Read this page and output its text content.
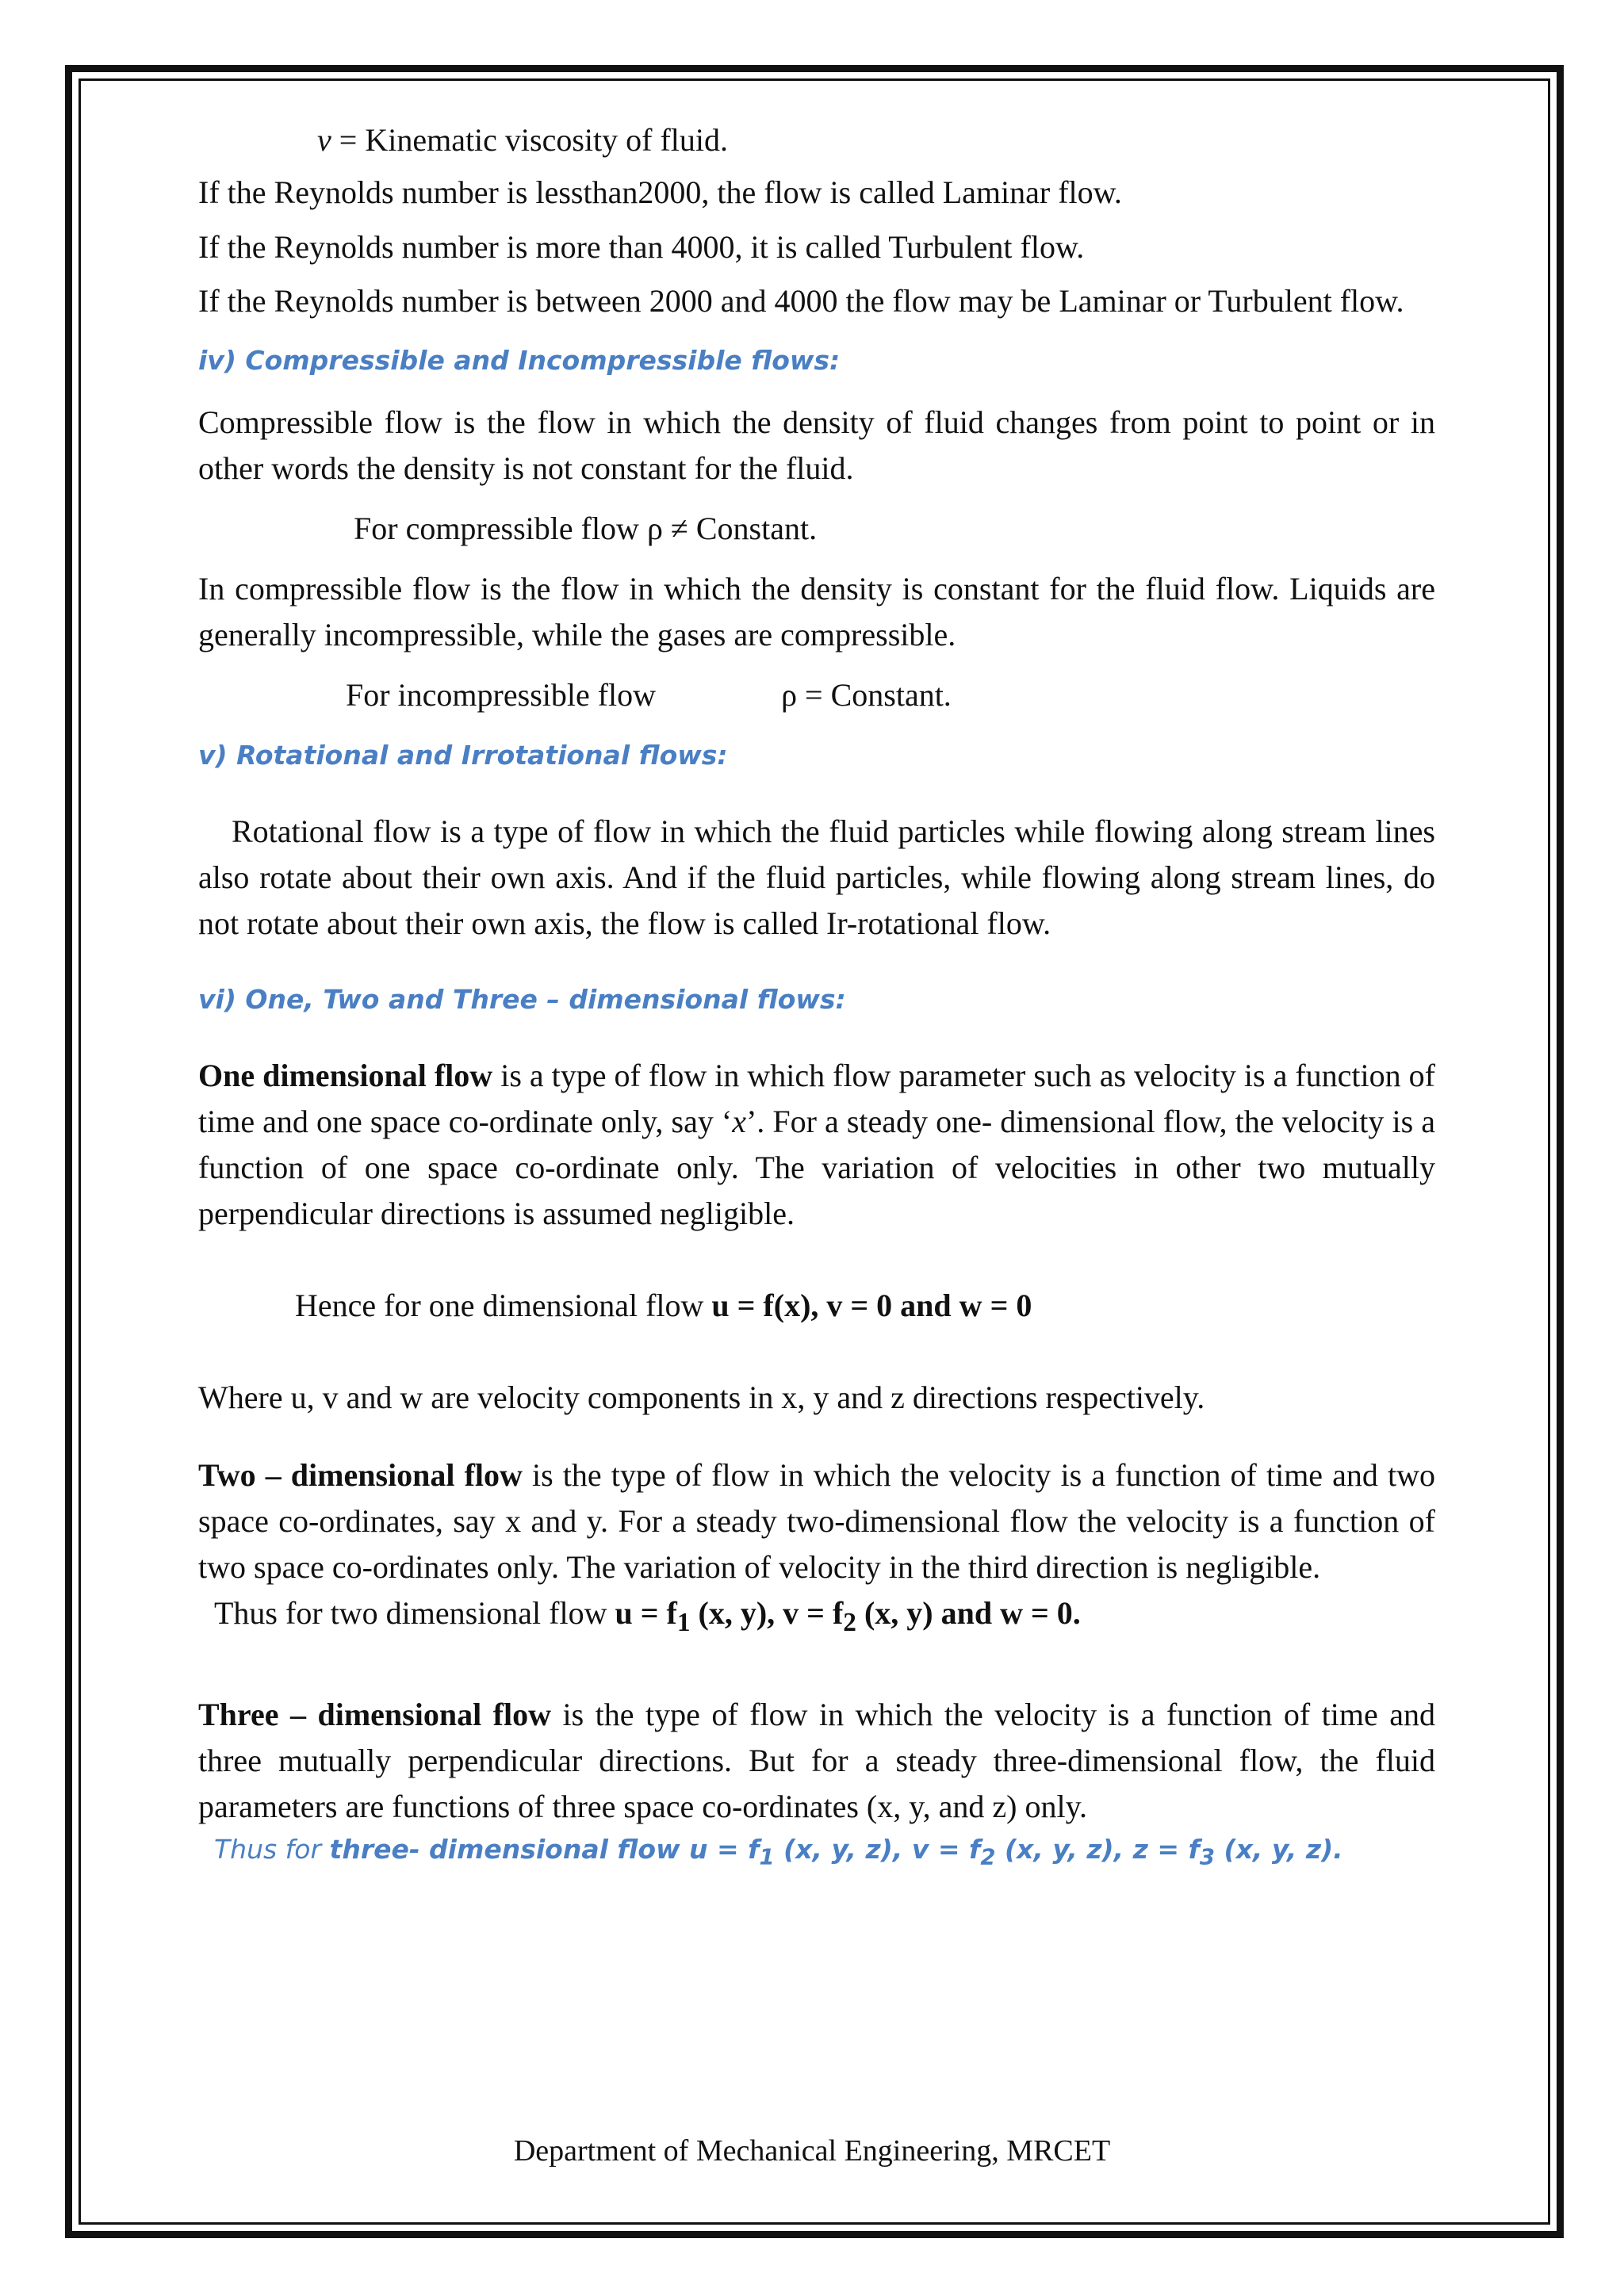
v = Kinematic viscosity of fluid.

If the Reynolds number is lessthan2000, the flow is called Laminar flow.

If the Reynolds number is more than 4000, it is called Turbulent flow.

If the Reynolds number is between 2000 and 4000 the flow may be Laminar or Turbulent flow.

iv) Compressible and Incompressible flows:

Compressible flow is the flow in which the density of fluid changes from point to point or in other words the density is not constant for the fluid.

For compressible flow ρ ≠ Constant.

In compressible flow is the flow in which the density is constant for the fluid flow. Liquids are generally incompressible, while the gases are compressible.

For incompressible flow	ρ = Constant.

v) Rotational and Irrotational flows:

Rotational flow is a type of flow in which the fluid particles while flowing along stream lines also rotate about their own axis. And if the fluid particles, while flowing along stream lines, do not rotate about their own axis, the flow is called Ir-rotational flow.

vi) One, Two and Three – dimensional flows:

One dimensional flow is a type of flow in which flow parameter such as velocity is a function of time and one space co-ordinate only, say ‘x’. For a steady one- dimensional flow, the velocity is a function of one space co-ordinate only. The variation of velocities in other two mutually perpendicular directions is assumed negligible.

Hence for one dimensional flow u = f(x), v = 0 and w = 0

Where u, v and w are velocity components in x, y and z directions respectively.

Two – dimensional flow is the type of flow in which the velocity is a function of time and two space co-ordinates, say x and y. For a steady two-dimensional flow the velocity is a function of two space co-ordinates only. The variation of velocity in the third direction is negligible.

Thus for two dimensional flow $u = f_1$ (x, y), $v = f_2$ (x, y) and w = 0.

Three – dimensional flow is the type of flow in which the velocity is a function of time and three mutually perpendicular directions. But for a steady three-dimensional flow, the fluid parameters are functions of three space co-ordinates (x, y, and z) only.

Thus for three- dimensional flow $u = f_1$ (x, y, z), $v = f_2$ (x, y, z), $z = f_3$ (x, y, z).

Department of Mechanical Engineering, MRCET
